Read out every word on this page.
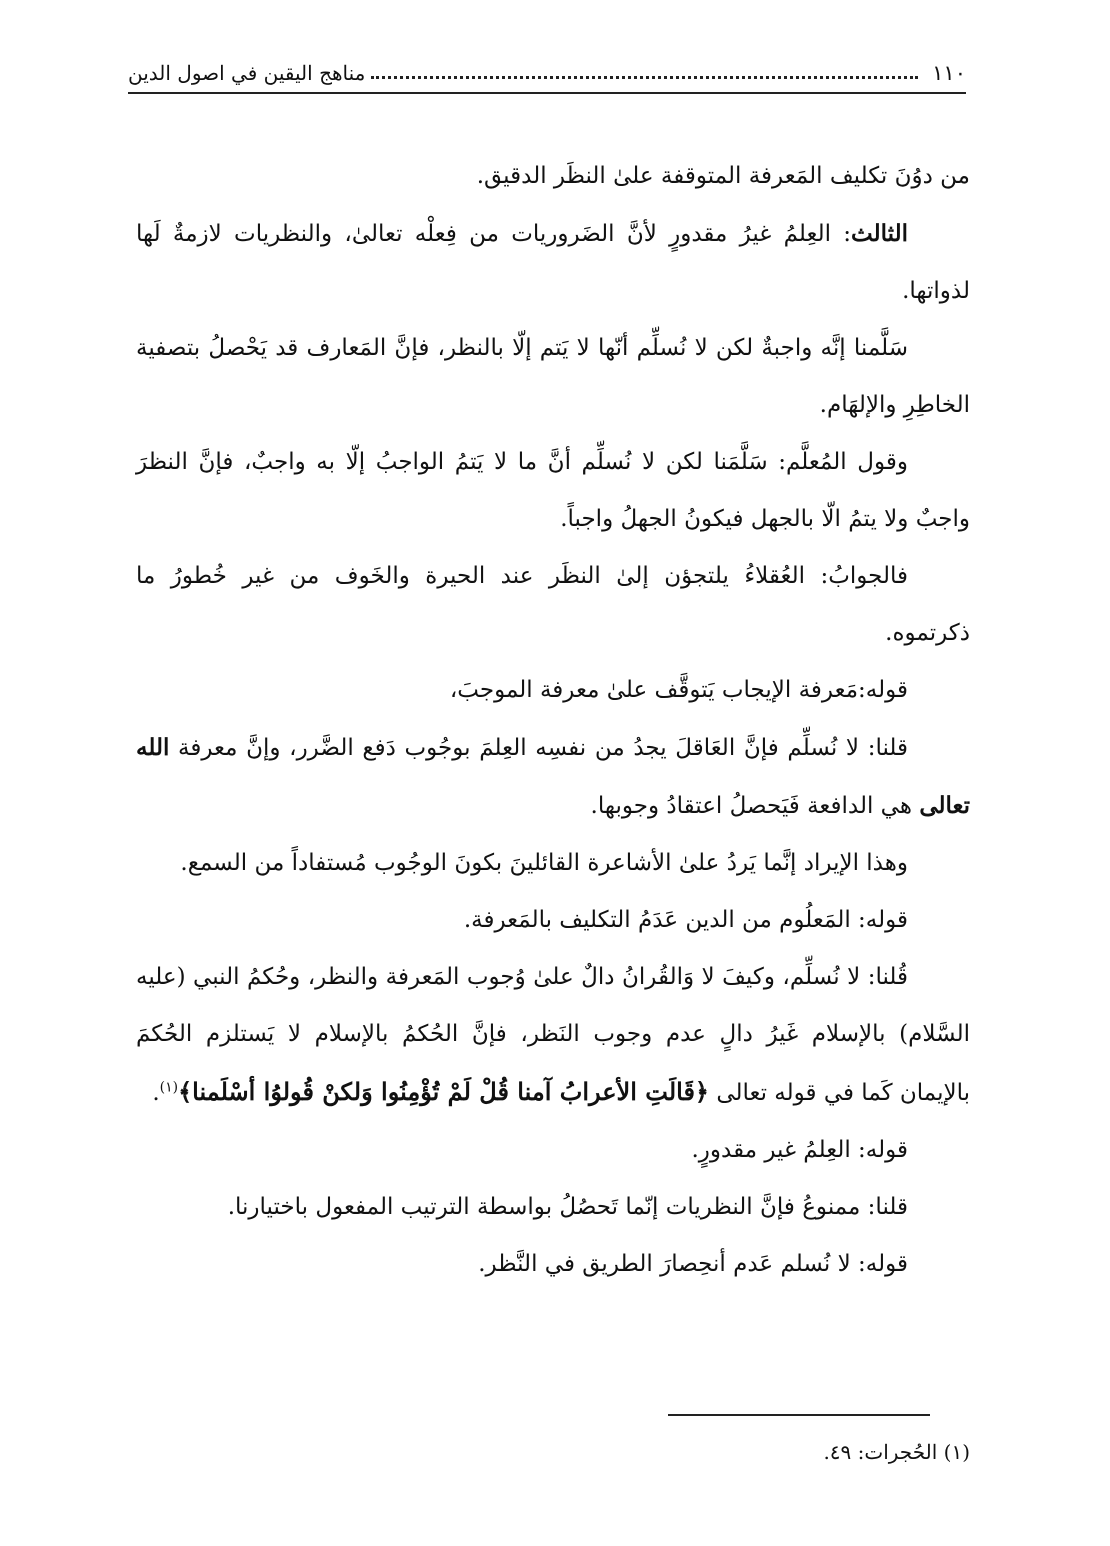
١١٠
مناهج اليقين في اصول الدين

من دوُنَ تكليف المَعرفة المتوقفة علىٰ النظَر الدقيق.

الثالث: العِلمُ غيرُ مقدورٍ لأنَّ الضَروريات من فِعلْه تعالىٰ، والنظريات لازمةٌ لَها لذواتها.

سَلَّمنا إنَّه واجبةٌ لكن لا نُسلِّم أنّها لا يَتم إلّا بالنظر، فإنَّ المَعارف قد يَحْصلُ بتصفية الخاطِرِ والإلهَام.

وقول المُعلَّم: سَلَّمَنا لكن لا نُسلِّم أنَّ ما لا يَتمُ الواجبُ إلّا به واجبٌ، فإنَّ النظرَ واجبٌ ولا يتمُ الّا بالجهل فيكونُ الجهلُ واجباً.

فالجوابُ: العُقلاءُ يلتجؤن إلىٰ النظَر عند الحيرة والخَوف من غير خُطورُ ما ذكرتموه.

قوله:مَعرفة الإيجاب يَتوقَّف علىٰ معرفة الموجبَ،

قلنا: لا نُسلِّم فإنَّ العَاقلَ يجدُ من نفسِه العِلمَ بوجُوب دَفع الضَّرر، وإنَّ معرفة الله تعالى هي الدافعة فَيَحصلُ اعتقادُ وجوبها.

وهذا الإيراد إنَّما يَردُ علىٰ الأشاعرة القائلينَ بكونَ الوجُوب مُستفاداً من السمع.

قوله: المَعلُوم من الدين عَدَمُ التكليف بالمَعرفة.

قُلنا: لا نُسلِّم، وكيفَ لا وَالقُرانُ دالٌ علىٰ وُجوب المَعرفة والنظر، وحُكمُ النبي (عليه السَّلام) بالإسلام غَيرُ دالٍ عدم وجوب النَظر، فإنَّ الحُكمُ بالإسلام لا يَستلزم الحُكمَ بالإيمان كَما في قوله تعالى ﴿قَالَتِ الأعرابُ آمنا قُلْ لَمْ تُؤْمِنُوا وَلكنْ قُولوُا أسْلَمنا﴾$^{(١)}$.

قوله: العِلمُ غير مقدورٍ.

قلنا: ممنوعُ فإنَّ النظريات إنّما تَحصُلُ بواسطة الترتيب المفعول باختيارنا.

قوله: لا نُسلم عَدم أنحِصارَ الطريق في النَّظر.

(١) الحُجرات: ٤٩.
